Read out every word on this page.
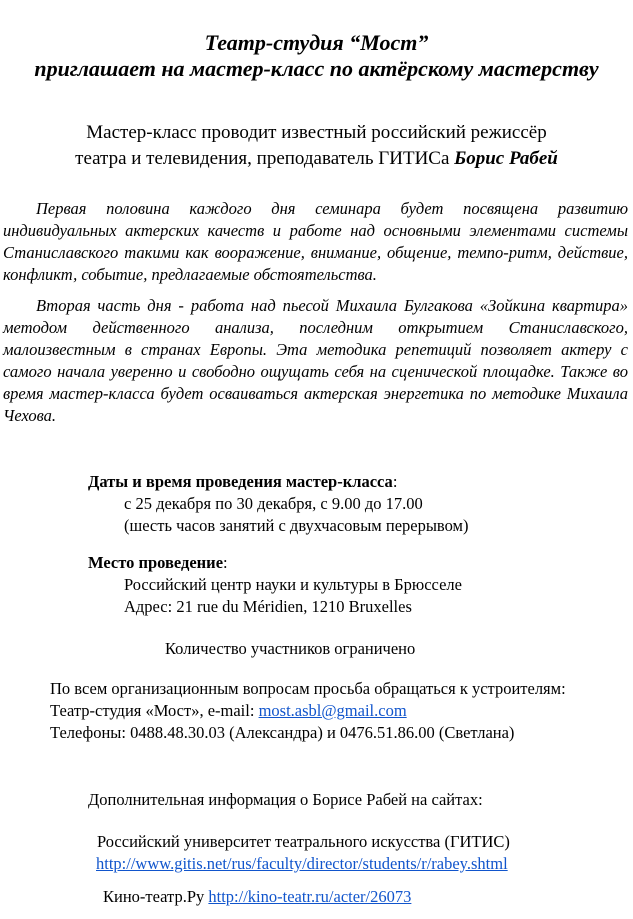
Театр-студия “Мост”
приглашает на мастер-класс по актёрскому мастерству
Мастер-класс проводит известный российский режиссёр
театра и телевидения, преподаватель ГИТИСа Борис Рабей
Первая половина каждого дня семинара будет посвящена развитию индивидуальных актерских качеств и работе над основными элементами системы Станиславского такими как вооражение, внимание, общение, темпо-ритм, действие, конфликт, событие, предлагаемые обстоятельства.
Вторая часть дня - работа над пьесой Михаила Булгакова «Зойкина квартира» методом действенного анализа, последним открытием Станиславского, малоизвестным в странах Европы. Эта методика репетиций позволяет актеру с самого начала уверенно и свободно ощущать себя на сценической площадке. Также во время мастер-класса будет осваиваться актерская энергетика по методике Михаила Чехова.
Даты и время проведения мастер-класса:
с 25 декабря по 30 декабря, с 9.00 до 17.00
(шесть часов занятий с двухчасовым перерывом)
Место проведение:
Российский центр науки и культуры в Брюсселе
Адрес: 21 rue du Méridien, 1210 Bruxelles
Количество участников ограничено
По всем организационным вопросам просьба обращаться к устроителям:
Театр-студия «Мост», e-mail: most.asbl@gmail.com
Телефоны: 0488.48.30.03 (Александра) и 0476.51.86.00 (Светлана)
Дополнительная информация о Борисе Рабей на сайтах:
Российский университет театрального искусства (ГИТИС)
http://www.gitis.net/rus/faculty/director/students/r/rabey.shtml
Кино-театр.Ру http://kino-teatr.ru/acter/26073
